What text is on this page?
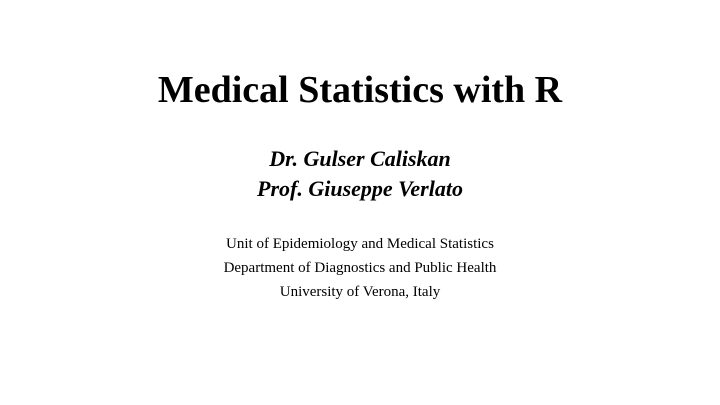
Medical Statistics with R
Dr. Gulser Caliskan
Prof. Giuseppe Verlato
Unit of Epidemiology and Medical Statistics
Department of Diagnostics and Public Health
University of Verona, Italy
